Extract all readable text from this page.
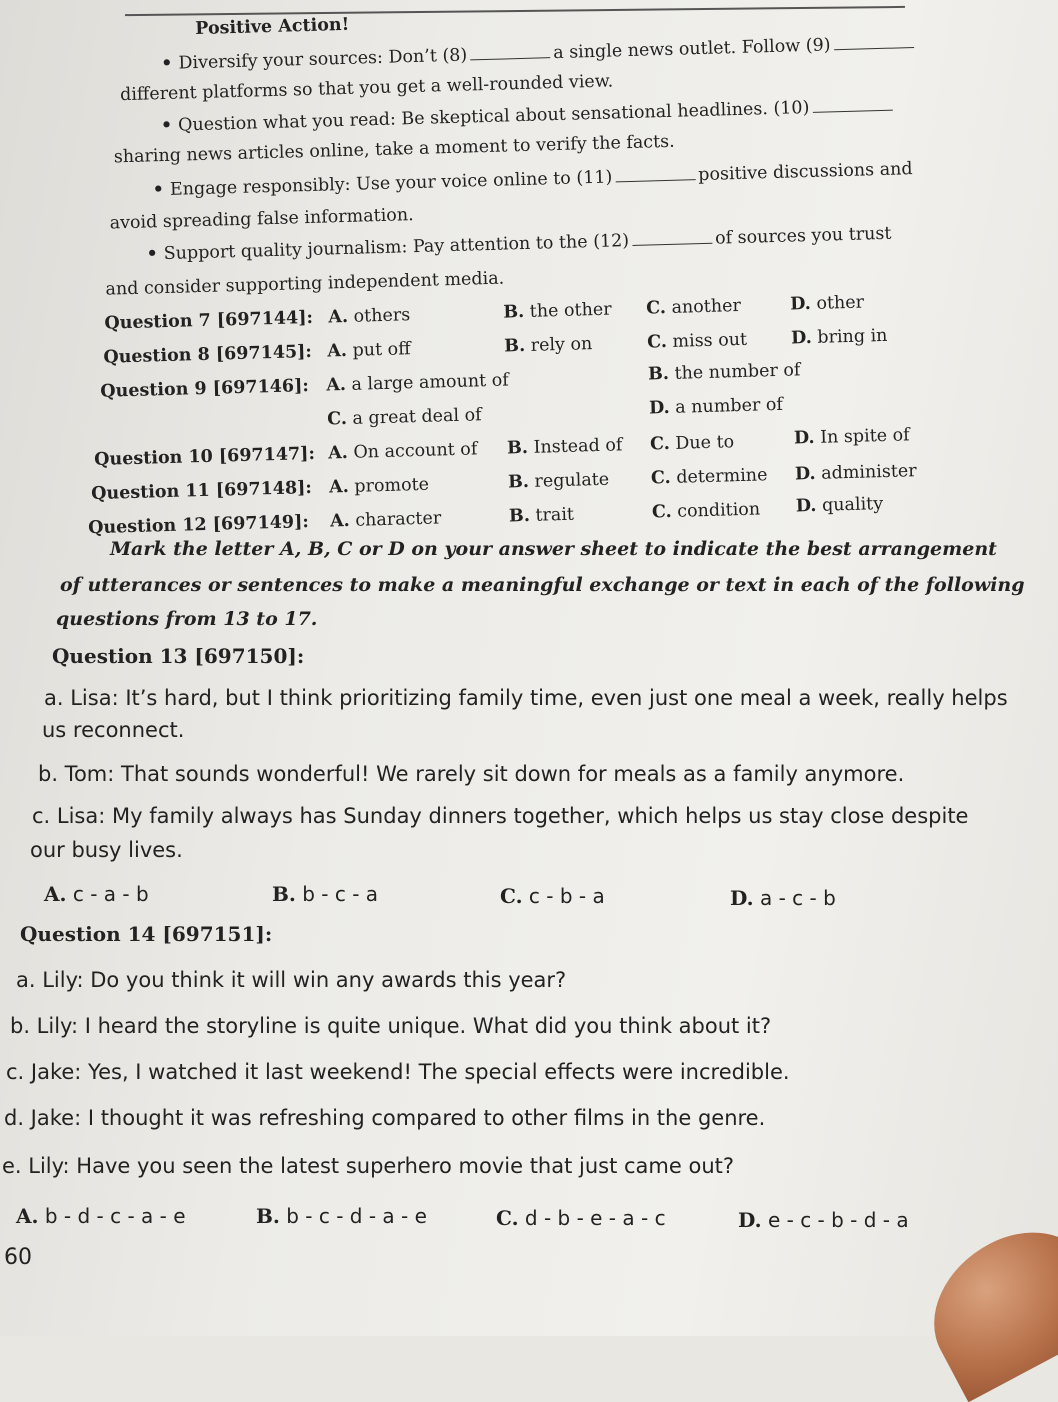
Positive Action!
• Diversify your sources: Don’t (8)	a single news outlet. Follow (9)
different platforms so that you get a well-rounded view.
• Question what you read: Be skeptical about sensational headlines. (10)
sharing news articles online, take a moment to verify the facts.
• Engage responsibly: Use your voice online to (11)	positive discussions and
avoid spreading false information.
• Support quality journalism: Pay attention to the (12)	of sources you trust
and consider supporting independent media.
Question 7 [697144]: A. others	B. the other C. another	D. other
Question 8 [697145]: A. put off	B. rely on	C. miss out D. bring in
Question 9 [697146]: A. a large amount of	B. the number of
C. a great deal of	D. a number of
Question 10 [697147]: A. On account of B. Instead of C. Due to	D. In spite of
Question 11 [697148]: A. promote	B. regulate C. determine D. administer
Question 12 [697149]: A. character	B. trait	C. condition D. quality
Mark the letter A, B, C or D on your answer sheet to indicate the best arrangement
of utterances or sentences to make a meaningful exchange or text in each of the following
questions from 13 to 17.
Question 13 [697150]:
a. Lisa: It’s hard, but I think prioritizing family time, even just one meal a week, really helps
us reconnect.
b. Tom: That sounds wonderful! We rarely sit down for meals as a family anymore.
c. Lisa: My family always has Sunday dinners together, which helps us stay close despite
our busy lives.
A. c - a - b	B. b - c - a	C. c - b - a	D. a - c - b
Question 14 [697151]:
a. Lily: Do you think it will win any awards this year?
b. Lily: I heard the storyline is quite unique. What did you think about it?
c. Jake: Yes, I watched it last weekend! The special effects were incredible.
d. Jake: I thought it was refreshing compared to other films in the genre.
e. Lily: Have you seen the latest superhero movie that just came out?
A. b - d - c - a - e	B. b - c - d - a - e	C. d - b - e - a - c	D. e - c - b - d - a
60
